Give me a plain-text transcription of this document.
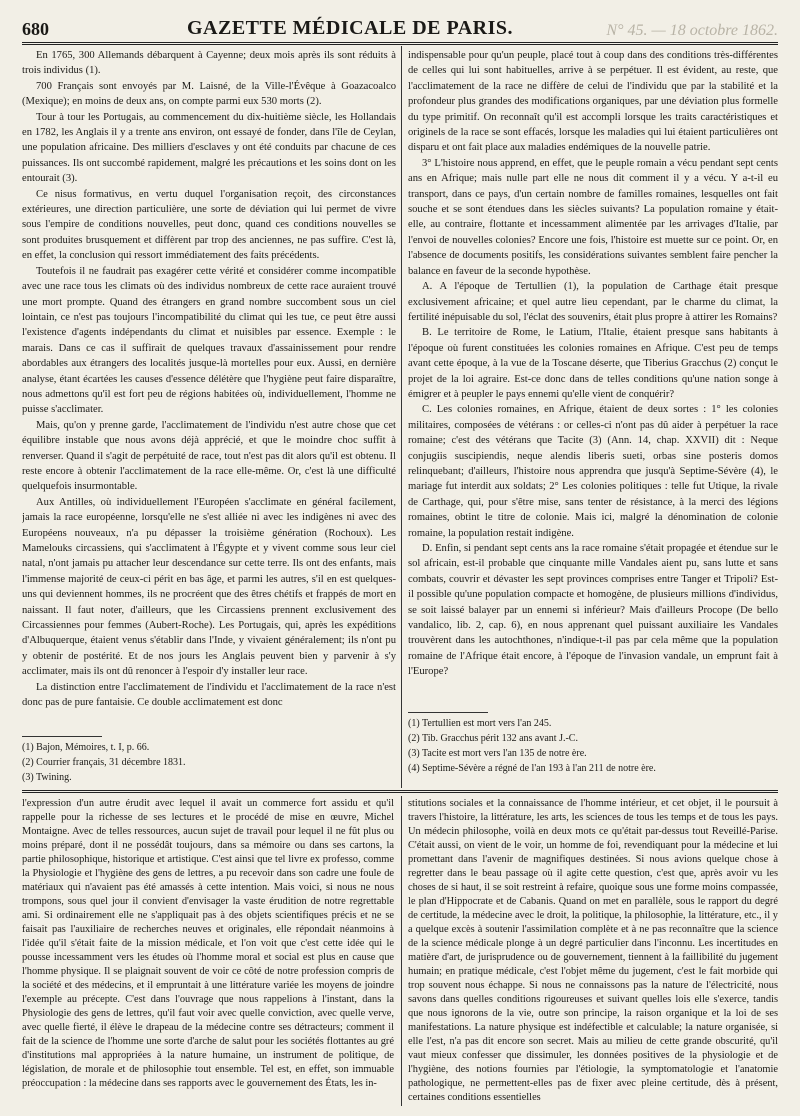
680	GAZETTE MÉDICALE DE PARIS.	N° 45. — 18 octobre 1862.

En 1765, 300 Allemands débarquent à Cayenne; deux mois après ils sont réduits à trois individus (1).

700 Français sont envoyés par M. Laisné, de la Ville-l'Évêque à Goazacoalco (Mexique); en moins de deux ans, on compte parmi eux 530 morts (2).

Tour à tour les Portugais, au commencement du dix-huitième siècle, les Hollandais en 1782, les Anglais il y a trente ans environ, ont essayé de fonder, dans l'île de Ceylan, une population africaine. Des milliers d'esclaves y ont été conduits par chacune de ces puissances. Ils ont succombé rapidement, malgré les précautions et les soins dont on les entourait (3).

Ce nisus formativus, en vertu duquel l'organisation reçoit, des circonstances extérieures, une direction particulière, une sorte de déviation qui lui permet de vivre sous l'empire de conditions nouvelles, peut donc, quand ces conditions nouvelles se sont produites brusquement et diffèrent par trop des anciennes, ne pas suffire. C'est là, en effet, la conclusion qui ressort immédiatement des faits précédents.

Toutefois il ne faudrait pas exagérer cette vérité et considérer comme incompatible avec une race tous les climats où des individus nombreux de cette race auraient trouvé une mort prompte. Quand des étrangers en grand nombre succombent sous un ciel lointain, ce n'est pas toujours l'incompatibilité du climat qui les tue, ce peut être aussi l'existence d'agents indépendants du climat et nuisibles par essence. Exemple : le marais. Dans ce cas il suffirait de quelques travaux d'assainissement pour rendre abordables aux étrangers des localités jusque-là mortelles pour eux. Aussi, en dernière analyse, étant écartées les causes d'essence délétère que l'hygiène peut faire disparaître, nous admettons qu'il est fort peu de régions habitées où, individuellement, l'homme ne puisse s'acclimater.

Mais, qu'on y prenne garde, l'acclimatement de l'individu n'est autre chose que cet équilibre instable que nous avons déjà apprécié, et que le moindre choc suffit à renverser. Quand il s'agit de perpétuité de race, tout n'est pas dit alors qu'il est obtenu. Il reste encore à obtenir l'acclimatement de la race elle-même. Or, c'est là une difficulté quelquefois insurmontable.

Aux Antilles, où individuellement l'Européen s'acclimate en général facilement, jamais la race européenne, lorsqu'elle ne s'est alliée ni avec les indigènes ni avec des Européens nouveaux, n'a pu dépasser la troisième génération (Rochoux). Les Mamelouks circassiens, qui s'acclimatent à l'Égypte et y vivent comme sous leur ciel natal, n'ont jamais pu attacher leur descendance sur cette terre. Ils ont des enfants, mais l'immense majorité de ceux-ci périt en bas âge, et parmi les autres, s'il en est quelques-uns qui deviennent hommes, ils ne procréent que des êtres chétifs et frappés de mort en naissant. Il faut noter, d'ailleurs, que les Circassiens prennent exclusivement des Circassiennes pour femmes (Aubert-Roche). Les Portugais, qui, après les expéditions d'Albuquerque, étaient venus s'établir dans l'Inde, y vivaient généralement; ils n'ont pu y obtenir de postérité. Et de nos jours les Anglais peuvent bien y parvenir à s'y acclimater, mais ils ont dû renoncer à l'espoir d'y installer leur race.

La distinction entre l'acclimatement de l'individu et l'acclimatement de la race n'est donc pas de pure fantaisie. Ce double acclimatement est donc

indispensable pour qu'un peuple, placé tout à coup dans des conditions très-différentes de celles qui lui sont habituelles, arrive à se perpétuer. Il est évident, au reste, que l'acclimatement de la race ne diffère de celui de l'individu que par la stabilité et la profondeur plus grandes des modifications organiques, par une déviation plus formelle du type primitif. On reconnaît qu'il est accompli lorsque les traits caractéristiques et originels de la race se sont effacés, lorsque les maladies qui lui étaient particulières ont disparu et ont fait place aux maladies endémiques de la nouvelle patrie.

3° L'histoire nous apprend, en effet, que le peuple romain a vécu pendant sept cents ans en Afrique; mais nulle part elle ne nous dit comment il y a vécu. Y a-t-il eu transport, dans ce pays, d'un certain nombre de familles romaines, lesquelles ont fait souche et se sont étendues dans les siècles suivants? La population romaine y était-elle, au contraire, flottante et incessamment alimentée par les arrivages d'Italie, par l'envoi de nouvelles colonies? Encore une fois, l'histoire est muette sur ce point. Or, en l'absence de documents positifs, les considérations suivantes semblent faire pencher la balance en faveur de la seconde hypothèse.

A. A l'époque de Tertullien (1), la population de Carthage était presque exclusivement africaine; et quel autre lieu cependant, par le charme du climat, la fertilité inépuisable du sol, l'éclat des souvenirs, était plus propre à attirer les Romains?

B. Le territoire de Rome, le Latium, l'Italie, étaient presque sans habitants à l'époque où furent constituées les colonies romaines en Afrique. C'est peu de temps avant cette époque, à la vue de la Toscane déserte, que Tiberius Gracchus (2) conçut le projet de la loi agraire. Est-ce donc dans de telles conditions qu'une nation songe à émigrer et à peupler le pays ennemi qu'elle vient de conquérir?

C. Les colonies romaines, en Afrique, étaient de deux sortes : 1° les colonies militaires, composées de vétérans : or celles-ci n'ont pas dû aider à perpétuer la race romaine; c'est des vétérans que Tacite (3) (Ann. 14, chap. XXVII) dit : Neque conjugiis suscipiendis, neque alendis liberis sueti, orbas sine posteris domos relinquebant; d'ailleurs, l'histoire nous apprendra que jusqu'à Septime-Sévère (4), le mariage fut interdit aux soldats; 2° Les colonies politiques : telle fut Utique, la rivale de Carthage, qui, pour s'être mise, sans tenter de résistance, à la merci des légions romaines, obtint le titre de colonie. Mais ici, malgré la dénomination de colonie romaine, la population restait indigène.

D. Enfin, si pendant sept cents ans la race romaine s'était propagée et étendue sur le sol africain, est-il probable que cinquante mille Vandales aient pu, sans lutte et sans combats, couvrir et dévaster les sept provinces comprises entre Tanger et Tripoli? Est-il possible qu'une population compacte et homogène, de plusieurs millions d'individus, se soit laissé balayer par un ennemi si inférieur? Mais d'ailleurs Procope (De bello vandalico, lib. 2, cap. 6), en nous apprenant quel puissant auxiliaire les Vandales trouvèrent dans les autochthones, n'indique-t-il pas par cela même que la population romaine de l'Afrique était encore, à l'époque de l'invasion vandale, un emprunt fait à l'Europe?

(1) Bajon, Mémoires, t. I, p. 66.
(2) Courrier français, 31 décembre 1831.
(3) Twining.
(1) Tertullien est mort vers l'an 245.
(2) Tib. Gracchus périt 132 ans avant J.-C.
(3) Tacite est mort vers l'an 135 de notre ère.
(4) Septime-Sévère a régné de l'an 193 à l'an 211 de notre ère.

l'expression d'un autre érudit avec lequel il avait un commerce fort assidu et qu'il rappelle pour la richesse de ses lectures et le procédé de mise en œuvre, Michel Montaigne. Avec de telles ressources, aucun sujet de travail pour lequel il ne fût plus ou moins préparé, dont il ne possédât toujours, dans sa mémoire ou dans ses cartons, la partie philosophique, historique et artistique. C'est ainsi que tel livre ex professo, comme la Physiologie et l'hygiène des gens de lettres, a pu recevoir dans son cadre une foule de matériaux qui n'avaient pas été amassés à cette intention. Mais voici, si nous ne nous trompons, sous quel jour il convient d'envisager la vaste érudition de notre regrettable ami. Si ordinairement elle ne s'appliquait pas à des objets scientifiques précis et ne se faisait pas l'auxiliaire de recherches neuves et originales, elle répondait néanmoins à l'idée qu'il s'était faite de la mission médicale, et l'on voit que c'est cette idée qui le pousse incessamment vers les études où l'homme moral et social est plus en cause que l'homme physique. Il se plaignait souvent de voir ce côté de notre profession compris de la société et des médecins, et il empruntait à une littérature variée les moyens de joindre l'exemple au précepte. C'est dans l'ouvrage que nous rappelions à l'instant, dans la Physiologie des gens de lettres, qu'il faut voir avec quelle conviction, avec quelle verve, avec quelle fierté, il élève le drapeau de la médecine contre ses détracteurs; comment il fait de la science de l'homme une sorte d'arche de salut pour les sociétés flottantes au gré d'institutions mal appropriées à la nature humaine, un instrument de politique, de législation, de morale et de philosophie tout ensemble. Tel est, en effet, son immuable préoccupation : la médecine dans ses rapports avec le gouvernement des États, les in-

stitutions sociales et la connaissance de l'homme intérieur, et cet objet, il le poursuit à travers l'histoire, la littérature, les arts, les sciences de tous les temps et de tous les pays. Un médecin philosophe, voilà en deux mots ce qu'était par-dessus tout Reveillé-Parise. C'était aussi, on vient de le voir, un homme de foi, revendiquant pour la médecine et lui promettant dans l'avenir de magnifiques destinées. Si nous avions quelque chose à regretter dans le beau passage où il agite cette question, c'est que, après avoir vu les choses de si haut, il se soit restreint à refaire, quoique sous une forme moins compassée, le plan d'Hippocrate et de Cabanis. Quand on met en parallèle, sous le rapport du degré de certitude, la médecine avec le droit, la politique, la philosophie, la littérature, etc., il y a quelque excès à soutenir l'assimilation complète et à ne pas reconnaître que la science de la science médicale plonge à un degré particulier dans l'inconnu. Les incertitudes en matière d'art, de jurisprudence ou de gouvernement, tiennent à la faillibilité du jugement humain; en pratique médicale, c'est l'objet même du jugement, c'est le fait morbide qui trop souvent nous échappe. Si nous ne connaissons pas la nature de l'électricité, nous savons dans quelles conditions rigoureuses et suivant quelles lois elle s'exerce, tandis que nous ignorons de la vie, outre son principe, la raison organique et la loi de ses manifestations. La nature physique est indéfectible et calculable; la nature organisée, si elle l'est, n'a pas dit encore son secret. Mais au milieu de cette grande obscurité, qu'il vaut mieux confesser que dissimuler, les données positives de la physiologie et de l'hygiène, des notions fournies par l'étiologie, la symptomatologie et l'anatomie pathologique, ne permettent-elles pas de fixer avec pleine certitude, dès à présent, certaines conditions essentielles
